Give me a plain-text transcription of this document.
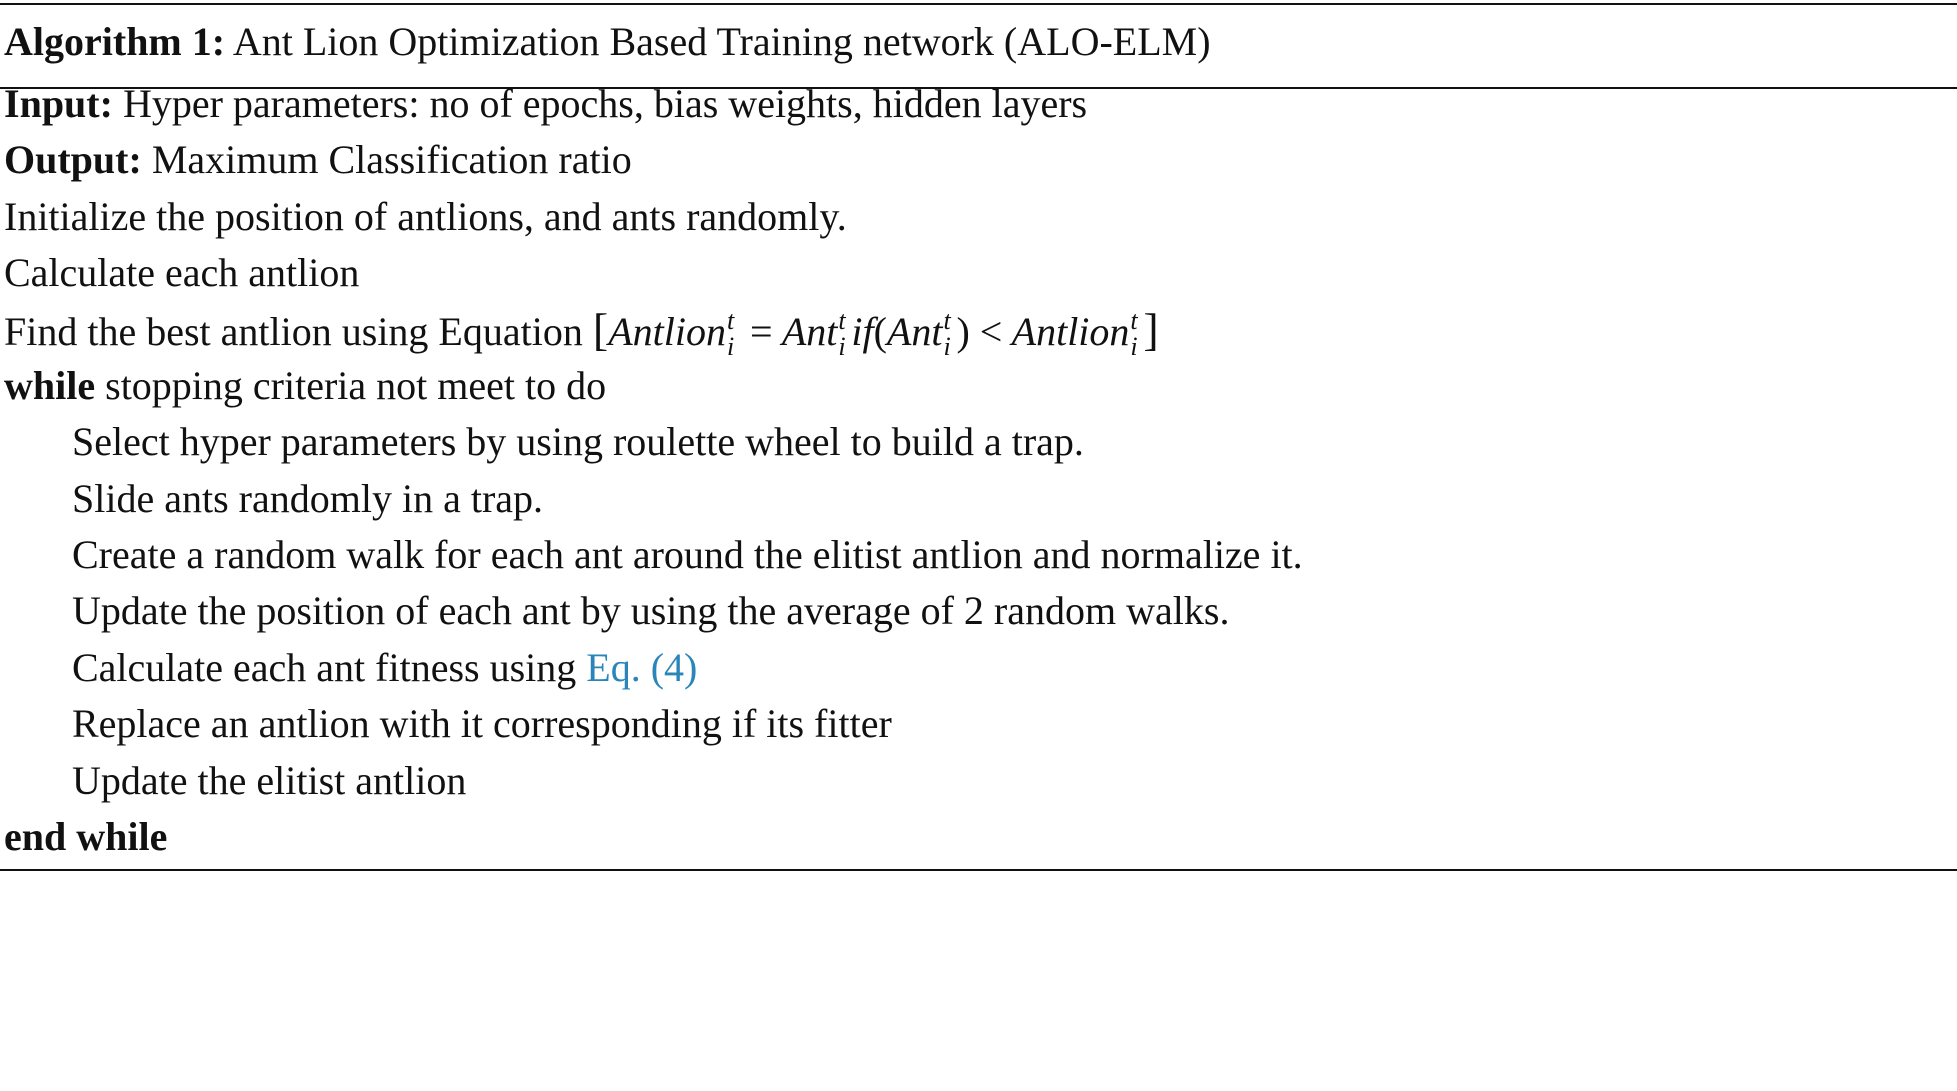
Algorithm 1: Ant Lion Optimization Based Training network (ALO-ELM)
Input: Hyper parameters: no of epochs, bias weights, hidden layers
Output: Maximum Classification ratio
Initialize the position of antlions, and ants randomly.
Calculate each antlion
Find the best antlion using Equation [Antlion t
i = Ant t
i if(Ant t
i ) < Antlion t
i ]
while stopping criteria not meet to do
Select hyper parameters by using roulette wheel to build a trap.
Slide ants randomly in a trap.
Create a random walk for each ant around the elitist antlion and normalize it.
Update the position of each ant by using the average of 2 random walks.
Calculate each ant fitness using Eq. (4)
Replace an antlion with it corresponding if its fitter
Update the elitist antlion
end while
